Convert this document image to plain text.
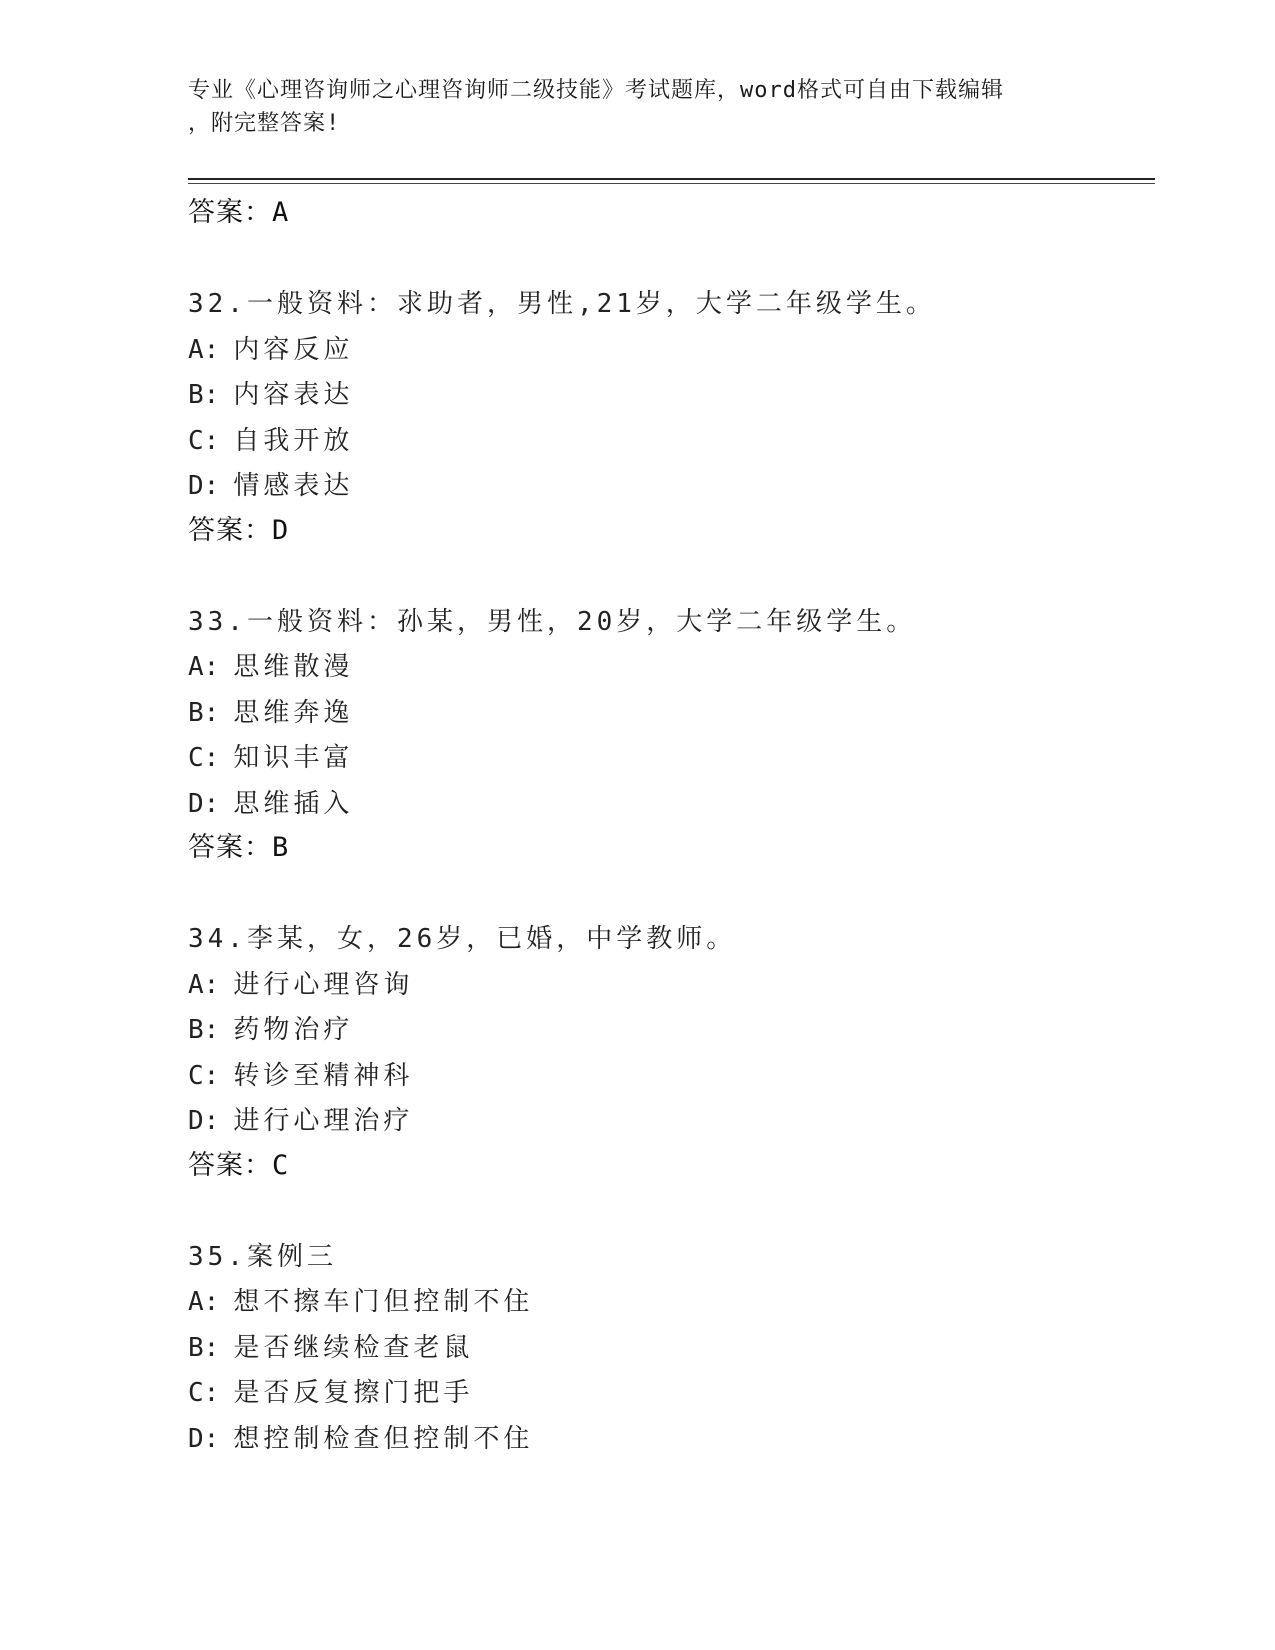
专业《心理咨询师之心理咨询师二级技能》考试题库，word格式可自由下载编辑
，附完整答案!
答案：A
32.一般资料：求助者，男性,21岁，大学二年级学生。
A: 内容反应
B: 内容表达
C: 自我开放
D: 情感表达
答案：D
33.一般资料：孙某，男性，20岁，大学二年级学生。
A: 思维散漫
B: 思维奔逸
C: 知识丰富
D: 思维插入
答案：B
34.李某，女，26岁，已婚，中学教师。
A: 进行心理咨询
B: 药物治疗
C: 转诊至精神科
D: 进行心理治疗
答案：C
35.案例三
A: 想不擦车门但控制不住
B: 是否继续检查老鼠
C: 是否反复擦门把手
D: 想控制检查但控制不住
